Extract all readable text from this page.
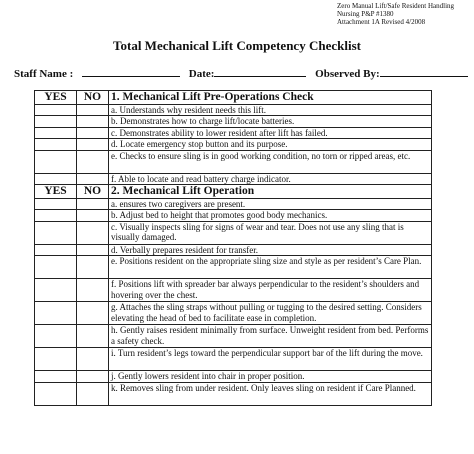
Zero Manual Lift/Safe Resident Handling
Nursing P&P #1380
Attachment 1A Revised 4/2008
Total Mechanical Lift Competency Checklist
Staff Name :	Date:	Observed By:
YES	NO	1. Mechanical Lift Pre-Operations Check
		a. Understands why resident needs this lift.
		b. Demonstrates how to charge lift/locate batteries.
		c. Demonstrates ability to lower resident after lift has failed.
		d. Locate emergency stop button and its purpose.
		e. Checks to ensure sling is in good working condition, no torn or ripped areas, etc.
		f. Able to locate and read battery charge indicator.
YES	NO	2. Mechanical Lift Operation
		a. ensures two caregivers are present.
		b. Adjust bed to height that promotes good body mechanics.
		c. Visually inspects sling for signs of wear and tear. Does not use any sling that is visually damaged.
		d. Verbally prepares resident for transfer.
		e. Positions resident on the appropriate sling size and style as per resident’s Care Plan.
		f. Positions lift with spreader bar always perpendicular to the resident’s shoulders and hovering over the chest.
		g. Attaches the sling straps without pulling or tugging to the desired setting. Considers elevating the head of bed to facilitate ease in completion.
		h. Gently raises resident minimally from surface. Unweight resident from bed. Performs a safety check.
		i. Turn resident’s legs toward the perpendicular support bar of the lift during the move.
		j. Gently lowers resident into chair in proper position.
		k. Removes sling from under resident. Only leaves sling on resident if Care Planned.
